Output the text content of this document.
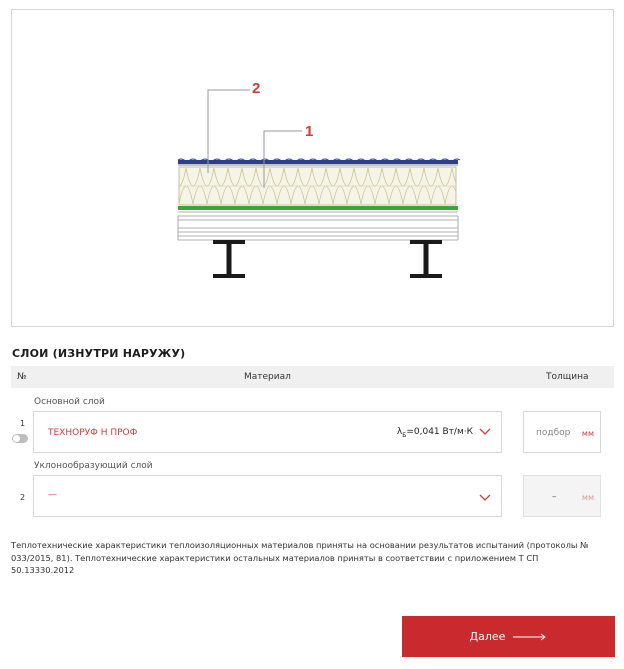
2
1
СЛОИ (ИЗНУТРИ НАРУЖУ)
№	Материал	Толщина
1
Основной слой
ТЕХНОРУФ Н ПРОФ	$\lambda_Б=0,041$ Вт/м·К	подбор мм
2
Уклонообразующий слой
—	–	мм
Теплотехнические характеристики теплоизоляционных материалов приняты на основании результатов испытаний (протоколы № 033/2015, 81). Теплотехнические характеристики остальных материалов приняты в соответствии с приложением Т СП 50.13330.2012
Далее
